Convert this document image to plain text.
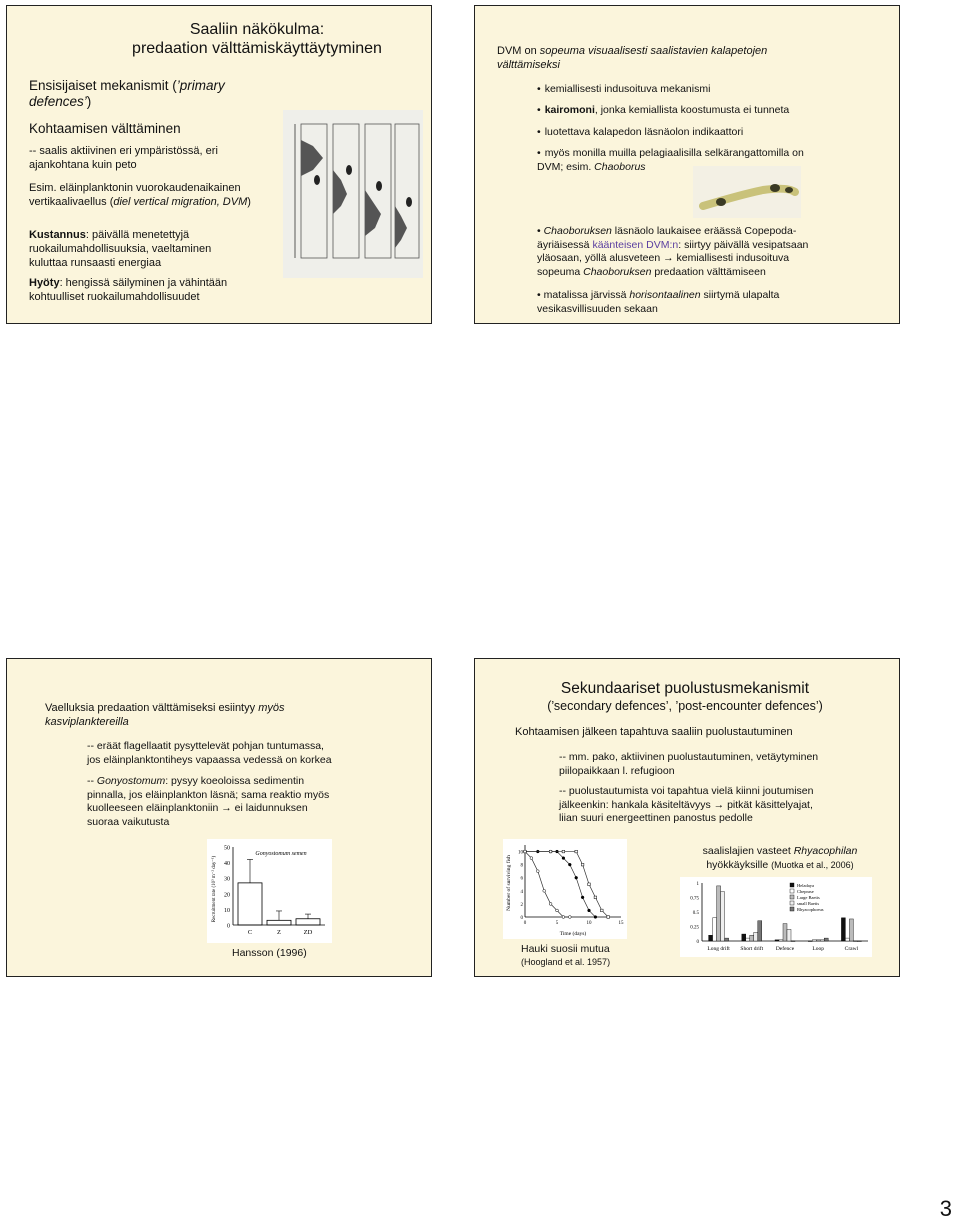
Saaliin näkökulma:
predaation välttämiskäyttäytyminen
Ensisijaiset mekanismit (’primary
defences’)
Kohtaamisen välttäminen
-- saalis aktiivinen eri ympäristössä, eri
ajankohtana kuin peto
Esim. eläinplanktonin vuorokaudenaikainen
vertikaalivaellus (diel vertical migration, DVM)
Kustannus: päivällä menetettyjä
ruokailumahdollisuuksia, vaeltaminen
kuluttaa runsaasti energiaa
Hyöty: hengissä säilyminen ja vähintään
kohtuulliset ruokailumahdollisuudet
DVM on sopeuma visuaalisesti saalistavien kalapetojen
välttämiseksi
• kemiallisesti indusoituva mekanismi
• kairomoni, jonka kemiallista koostumusta ei tunneta
• luotettava kalapedon läsnäolon indikaattori
• myös monilla muilla pelagiaalisilla selkärangattomilla on
DVM; esim. Chaoborus
• Chaoboruksen läsnäolo laukaisee eräässä Copepoda-
äyriäisessä käänteisen DVM:n: siirtyy päivällä vesipatsaan
yläosaan, yöllä alusveteen → kemiallisesti indusoituva
sopeuma Chaoboruksen predaation välttämiseen
• matalissa järvissä horisontaalinen siirtymä ulapalta
vesikasvillisuuden sekaan
Vaelluksia predaation välttämiseksi esiintyy myös
kasviplanktereilla
-- eräät flagellaatit pysyttelevät pohjan tuntumassa,
jos eläinplanktontiheys vapaassa vedessä on korkea
-- Gonyostomum: pysyy koeoloissa sedimentin
pinnalla, jos eläinplankton läsnä; sama reaktio myös
kuolleeseen eläinplanktoniin → ei laidunnuksen
suoraa vaikutusta
0
10
20
30
40
50
Recruitment rate (10³ m⁻² day⁻¹)
Gonyostomum semen
C	Z	ZD
Hansson (1996)
Sekundaariset puolustusmekanismit
(’secondary defences’, ’post-encounter defences’)
Kohtaamisen jälkeen tapahtuva saaliin puolustautuminen
-- mm. pako, aktiivinen puolustautuminen, vetäytyminen
piilopaikkaan l. refugioon
-- puolustautumista voi tapahtua vielä kiinni joutumisen
jälkeenkin: hankala käsiteltävyys → pitkät käsittelyajat,
liian suuri energeettinen panostus pedolle
saalislajien vasteet Rhyacophilan
hyökkäyksille (Muotka et al., 2006)
0	5	10	15
0
2
4
6
8
10
Time (days)
Number of surviving fish
Hauki suosii mutua
(Hoogland et al. 1957)
0
0.25
0.5
0.75
1
Long drift Short drift Defence	Loop	Crawl
Heladaya
Cheprase
Large Baetis
small Baetis
Rhyacophoeus
3
